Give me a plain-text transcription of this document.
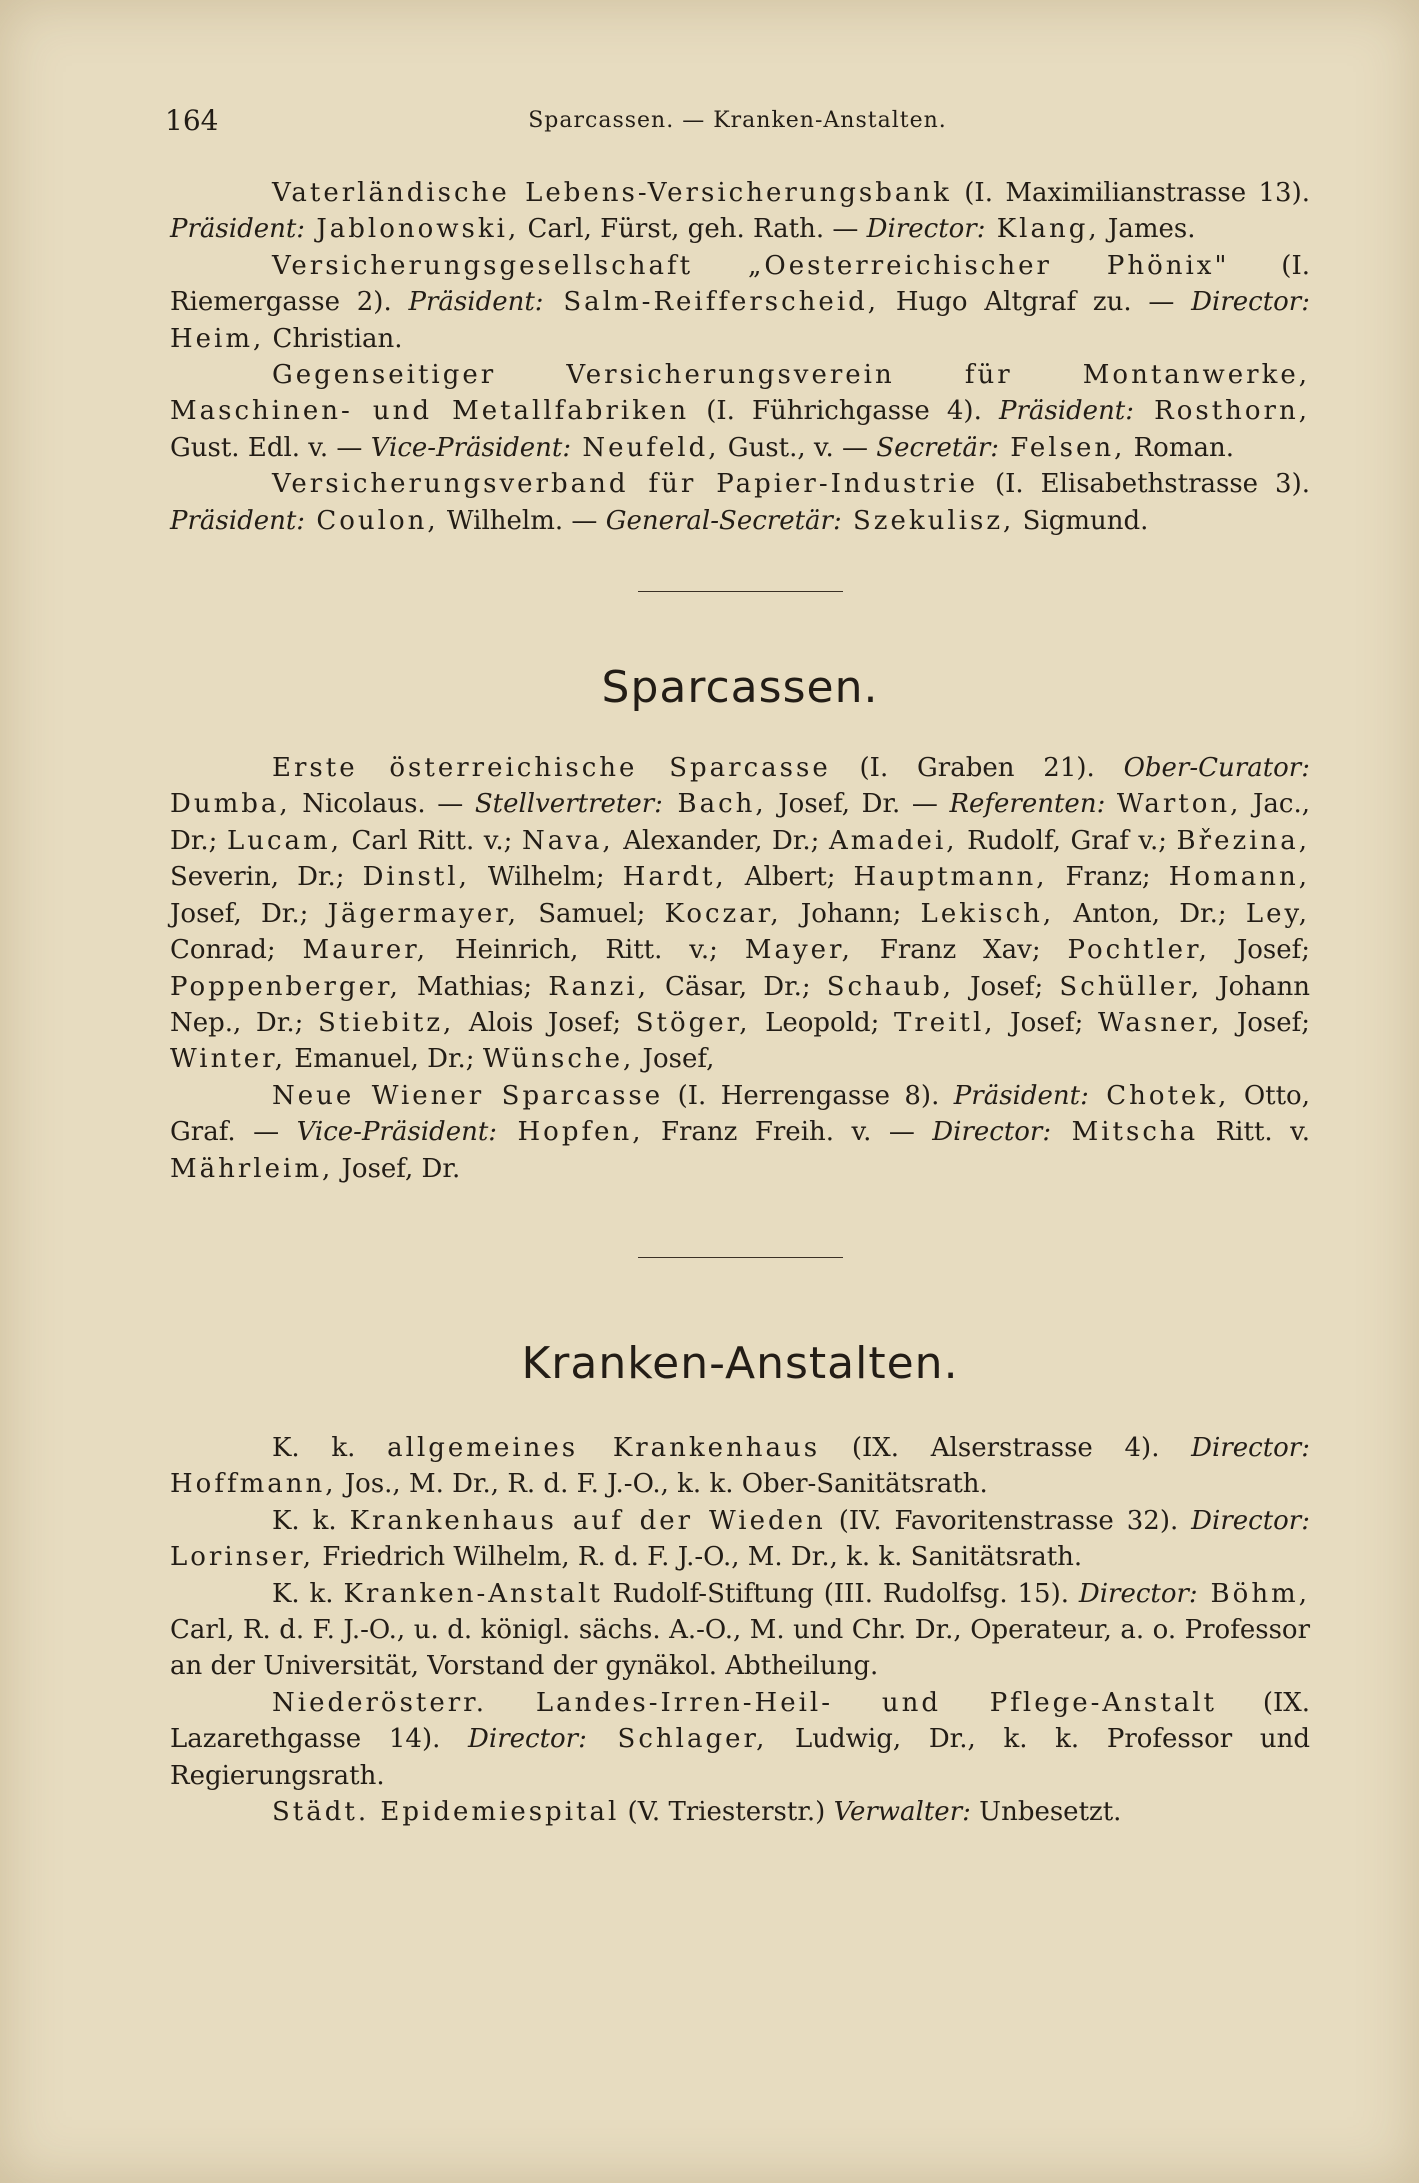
164	Sparcassen. — Kranken-Anstalten.

Vaterländische Lebens-Versicherungsbank (I. Maximilianstrasse 13). Präsident: Jablonowski, Carl, Fürst, geh. Rath. — Director: Klang, James.

Versicherungsgesellschaft „Oesterreichischer Phönix" (I. Riemergasse 2). Präsident: Salm-Reifferscheid, Hugo Altgraf zu. — Director: Heim, Christian.

Gegenseitiger Versicherungsverein für Montanwerke, Maschinen- und Metallfabriken (I. Führichgasse 4). Präsident: Rosthorn, Gust. Edl. v. — Vice-Präsident: Neufeld, Gust., v. — Secretär: Felsen, Roman.

Versicherungsverband für Papier-Industrie (I. Elisabethstrasse 3). Präsident: Coulon, Wilhelm. — General-Secretär: Szekulisz, Sigmund.

Sparcassen.

Erste österreichische Sparcasse (I. Graben 21). Ober-Curator: Dumba, Nicolaus. — Stellvertreter: Bach, Josef, Dr. — Referenten: Warton, Jac., Dr.; Lucam, Carl Ritt. v.; Nava, Alexander, Dr.; Amadei, Rudolf, Graf v.; Březina, Severin, Dr.; Dinstl, Wilhelm; Hardt, Albert; Hauptmann, Franz; Homann, Josef, Dr.; Jägermayer, Samuel; Koczar, Johann; Lekisch, Anton, Dr.; Ley, Conrad; Maurer, Heinrich, Ritt. v.; Mayer, Franz Xav; Pochtler, Josef; Poppenberger, Mathias; Ranzi, Cäsar, Dr.; Schaub, Josef; Schüller, Johann Nep., Dr.; Stiebitz, Alois Josef; Stöger, Leopold; Treitl, Josef; Wasner, Josef; Winter, Emanuel, Dr.; Wünsche, Josef,

Neue Wiener Sparcasse (I. Herrengasse 8). Präsident: Chotek, Otto, Graf. — Vice-Präsident: Hopfen, Franz Freih. v. — Director: Mitscha Ritt. v. Mährleim, Josef, Dr.

Kranken-Anstalten.

K. k. allgemeines Krankenhaus (IX. Alserstrasse 4). Director: Hoffmann, Jos., M. Dr., R. d. F. J.-O., k. k. Ober-Sanitätsrath.

K. k. Krankenhaus auf der Wieden (IV. Favoritenstrasse 32). Director: Lorinser, Friedrich Wilhelm, R. d. F. J.-O., M. Dr., k. k. Sanitätsrath.

K. k. Kranken-Anstalt Rudolf-Stiftung (III. Rudolfsg. 15). Director: Böhm, Carl, R. d. F. J.-O., u. d. königl. sächs. A.-O., M. und Chr. Dr., Operateur, a. o. Professor an der Universität, Vorstand der gynäkol. Abtheilung.

Niederösterr. Landes-Irren-Heil- und Pflege-Anstalt (IX. Lazarethgasse 14). Director: Schlager, Ludwig, Dr., k. k. Professor und Regierungsrath.

Städt. Epidemiespital (V. Triesterstr.) Verwalter: Unbesetzt.
